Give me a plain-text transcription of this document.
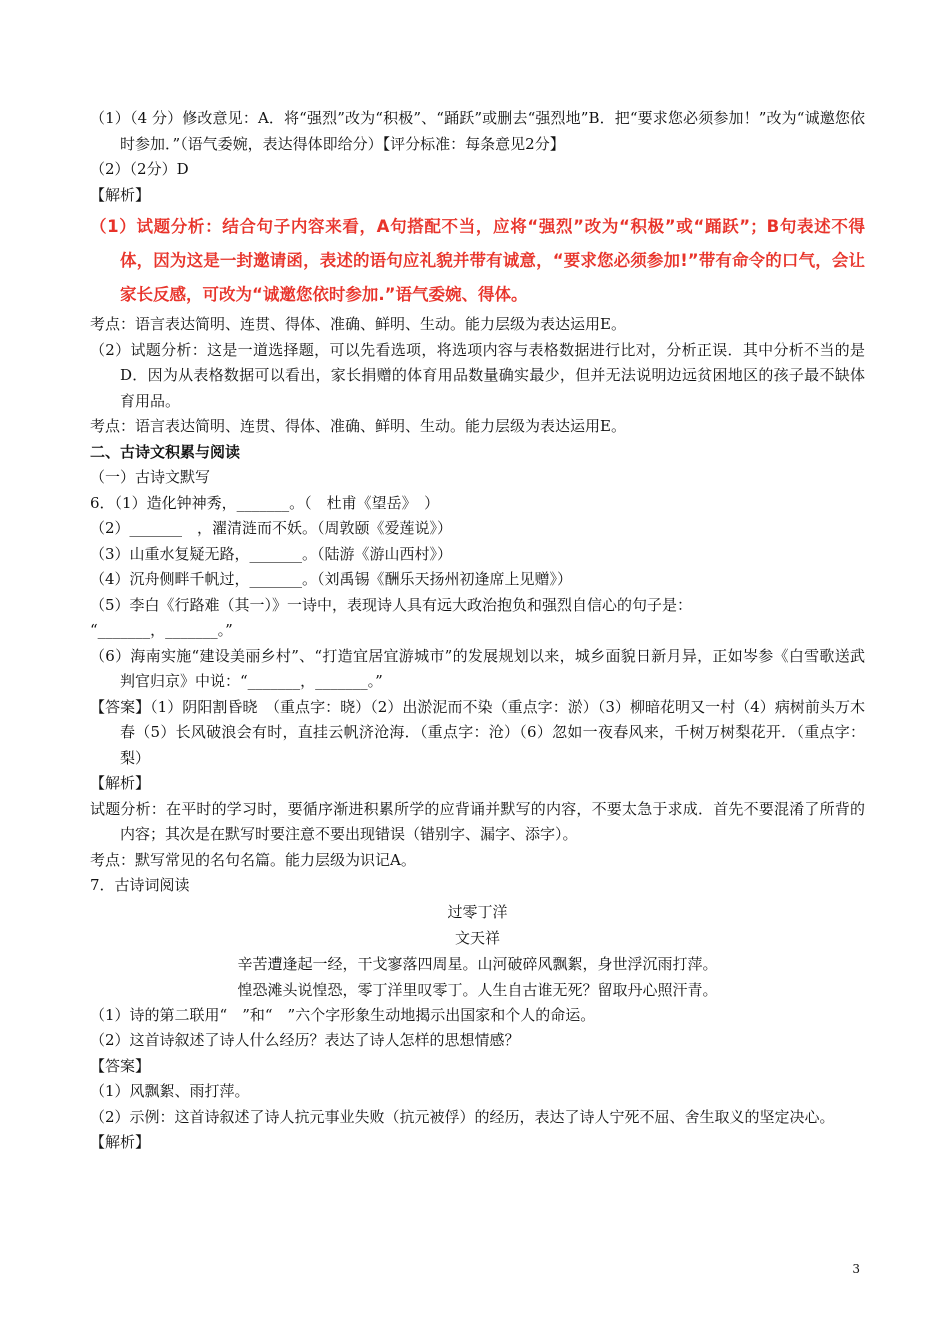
（1）（4 分）修改意见：A．将“强烈”改为“积极”、“踊跃”或删去“强烈地”B．把“要求您必须参加！”改为“诚邀您依时参加．”（语气委婉，表达得体即给分）【评分标准：每条意见2分】

（2）（2分）D

【解析】

（1）试题分析：结合句子内容来看，A句搭配不当，应将“强烈”改为“积极”或“踊跃”；B句表述不得体，因为这是一封邀请函，表述的语句应礼貌并带有诚意，“要求您必须参加!”带有命令的口气，会让家长反感，可改为“诚邀您依时参加.”语气委婉、得体。

考点：语言表达简明、连贯、得体、准确、鲜明、生动。能力层级为表达运用E。

（2）试题分析：这是一道选择题，可以先看选项，将选项内容与表格数据进行比对，分析正误．其中分析不当的是D．因为从表格数据可以看出，家长捐赠的体育用品数量确实最少，但并无法说明边远贫困地区的孩子最不缺体育用品。

考点：语言表达简明、连贯、得体、准确、鲜明、生动。能力层级为表达运用E。

二、古诗文积累与阅读

（一）古诗文默写

6．（1）造化钟神秀，_______。（　杜甫《望岳》　）

（2）_______　，濯清涟而不妖。（周敦颐《爱莲说》）

（3）山重水复疑无路，_______。（陆游《游山西村》）

（4）沉舟侧畔千帆过，_______。（刘禹锡《酬乐天扬州初逢席上见赠》）

（5）李白《行路难（其一）》一诗中，表现诗人具有远大政治抱负和强烈自信心的句子是：

“_______，_______。”

（6）海南实施“建设美丽乡村”、“打造宜居宜游城市”的发展规划以来，城乡面貌日新月异，正如岑参《白雪歌送武判官归京》中说：“_______，_______。”

【答案】（1）阴阳割昏晓　（重点字：晓）（2）出淤泥而不染（重点字：淤）（3）柳暗花明又一村（4）病树前头万木春（5）长风破浪会有时，直挂云帆济沧海．（重点字：沧）（6）忽如一夜春风来，千树万树梨花开．（重点字：梨）

【解析】

试题分析：在平时的学习时，要循序渐进积累所学的应背诵并默写的内容，不要太急于求成．首先不要混淆了所背的内容；其次是在默写时要注意不要出现错误（错别字、漏字、添字）。

考点：默写常见的名句名篇。能力层级为识记A。

7．古诗词阅读

过零丁洋

文天祥

辛苦遭逢起一经，干戈寥落四周星。山河破碎风飘絮，身世浮沉雨打萍。

惶恐滩头说惶恐，零丁洋里叹零丁。人生自古谁无死？留取丹心照汗青。

（1）诗的第二联用“　”和“　”六个字形象生动地揭示出国家和个人的命运。

（2）这首诗叙述了诗人什么经历？表达了诗人怎样的思想情感？

【答案】

（1）风飘絮、雨打萍。

（2）示例：这首诗叙述了诗人抗元事业失败（抗元被俘）的经历，表达了诗人宁死不屈、舍生取义的坚定决心。

【解析】

3
